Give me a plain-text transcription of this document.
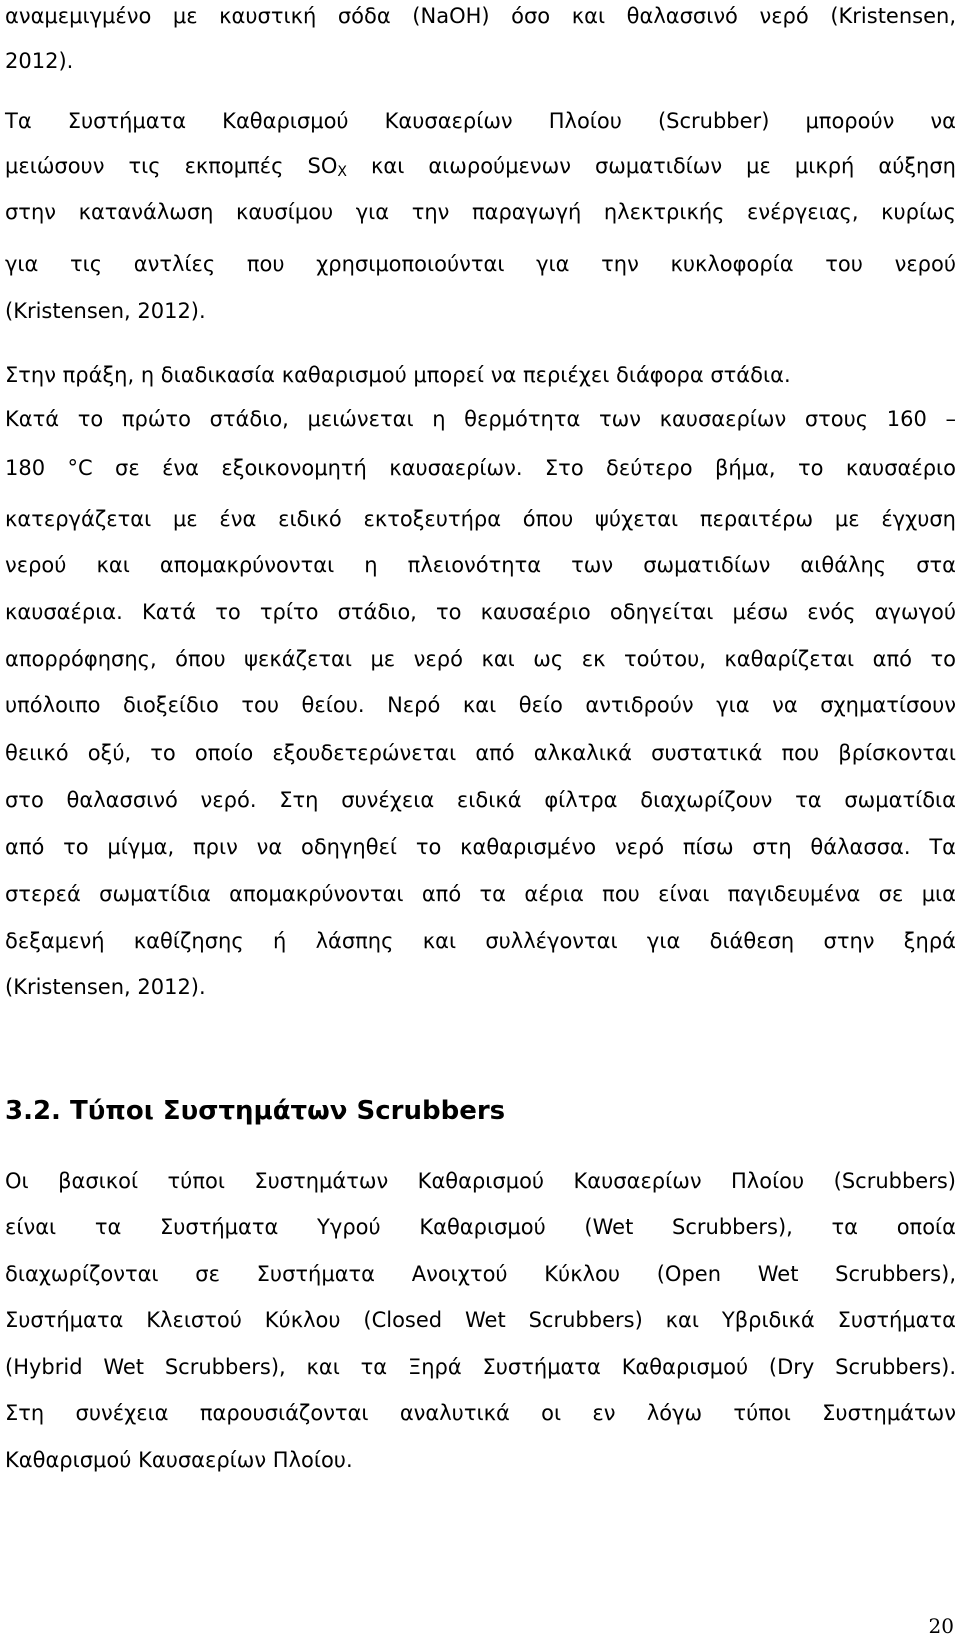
αναμεμιγμένο με καυστική σόδα (NaOH) όσο και θαλασσινό νερό (Kristensen,
2012).
Τα Συστήματα Καθαρισμού Καυσαερίων Πλοίου (Scrubber) μπορούν να
μειώσουν τις εκπομπές $SO_X$ και αιωρούμενων σωματιδίων με μικρή αύξηση
στην κατανάλωση καυσίμου για την παραγωγή ηλεκτρικής ενέργειας, κυρίως
για τις αντλίες που χρησιμοποιούνται για την κυκλοφορία του νερού
(Kristensen, 2012).
Στην πράξη, η διαδικασία καθαρισμού μπορεί να περιέχει διάφορα στάδια.
Κατά το πρώτο στάδιο, μειώνεται η θερμότητα των καυσαερίων στους 160 –
180 °C σε ένα εξοικονομητή καυσαερίων. Στο δεύτερο βήμα, το καυσαέριο
κατεργάζεται με ένα ειδικό εκτοξευτήρα όπου ψύχεται περαιτέρω με έγχυση
νερού και απομακρύνονται η πλειονότητα των σωματιδίων αιθάλης στα
καυσαέρια. Κατά το τρίτο στάδιο, το καυσαέριο οδηγείται μέσω ενός αγωγού
απορρόφησης, όπου ψεκάζεται με νερό και ως εκ τούτου, καθαρίζεται από το
υπόλοιπο διοξείδιο του θείου. Νερό και θείο αντιδρούν για να σχηματίσουν
θειικό οξύ, το οποίο εξουδετερώνεται από αλκαλικά συστατικά που βρίσκονται
στο θαλασσινό νερό. Στη συνέχεια ειδικά φίλτρα διαχωρίζουν τα σωματίδια
από το μίγμα, πριν να οδηγηθεί το καθαρισμένο νερό πίσω στη θάλασσα. Τα
στερεά σωματίδια απομακρύνονται από τα αέρια που είναι παγιδευμένα σε μια
δεξαμενή καθίζησης ή λάσπης και συλλέγονται για διάθεση στην ξηρά
(Kristensen, 2012).
3.2. Τύποι Συστημάτων Scrubbers
Οι βασικοί τύποι Συστημάτων Καθαρισμού Καυσαερίων Πλοίου (Scrubbers)
είναι τα Συστήματα Υγρού Καθαρισμού (Wet Scrubbers), τα οποία
διαχωρίζονται σε Συστήματα Ανοιχτού Κύκλου (Open Wet Scrubbers),
Συστήματα Κλειστού Κύκλου (Closed Wet Scrubbers) και Υβριδικά Συστήματα
(Hybrid Wet Scrubbers), και τα Ξηρά Συστήματα Καθαρισμού (Dry Scrubbers).
Στη συνέχεια παρουσιάζονται αναλυτικά οι εν λόγω τύποι Συστημάτων
Καθαρισμού Καυσαερίων Πλοίου.
20
